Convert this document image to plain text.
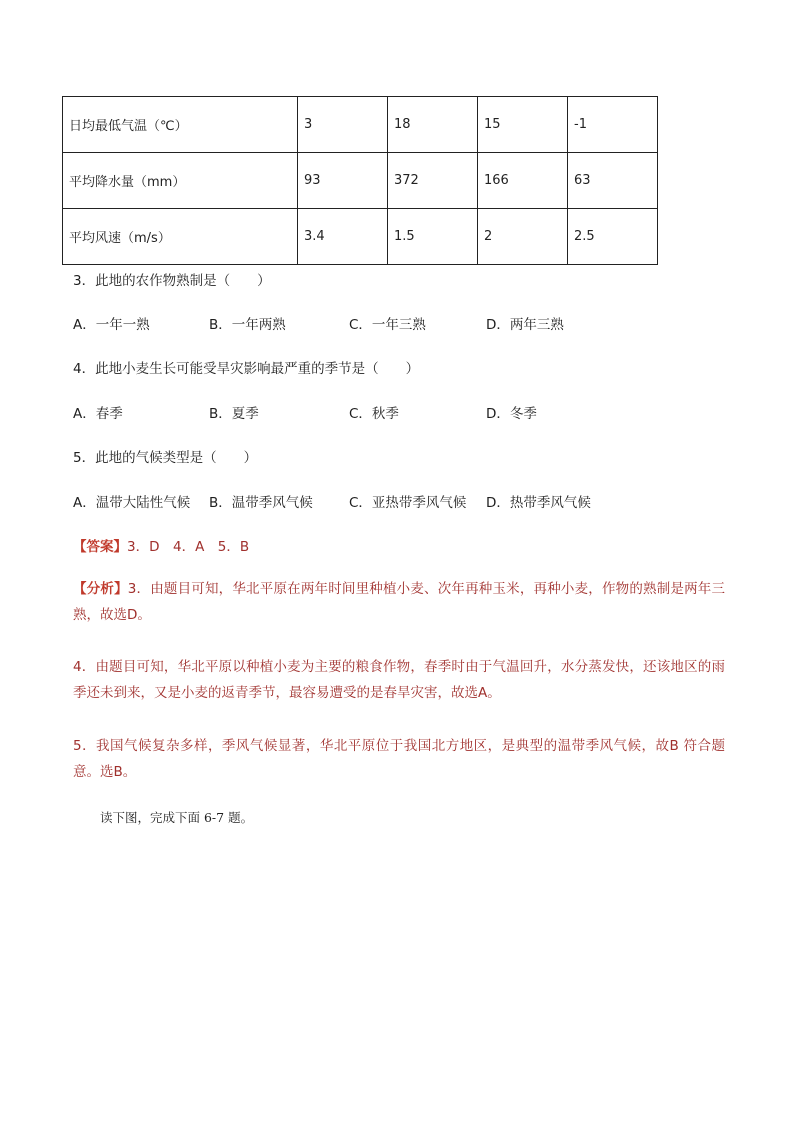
日均最低气温（℃）	3	18	15	-1
平均降水量（mm）	93	372	166	63
平均风速（m/s）	3.4	1.5	2	2.5
3．此地的农作物熟制是（　　）
A．一年一熟	B．一年两熟	C．一年三熟	D．两年三熟
4．此地小麦生长可能受旱灾影响最严重的季节是（　　）
A．春季	B．夏季	C．秋季	D．冬季
5．此地的气候类型是（　　）
A．温带大陆性气候 B．温带季风气候	C．亚热带季风气候 D．热带季风气候
【答案】3．D　4．A　5．B
【分析】3．由题目可知，华北平原在两年时间里种植小麦、次年再种玉米，再种小麦，作物的熟制是两年三熟，故选D。
4．由题目可知，华北平原以种植小麦为主要的粮食作物，春季时由于气温回升，水分蒸发快，还该地区的雨季还未到来，又是小麦的返青季节，最容易遭受的是春旱灾害，故选A。
5．我国气候复杂多样，季风气候显著，华北平原位于我国北方地区，是典型的温带季风气候，故B 符合题意。选B。
读下图，完成下面 6-7 题。
